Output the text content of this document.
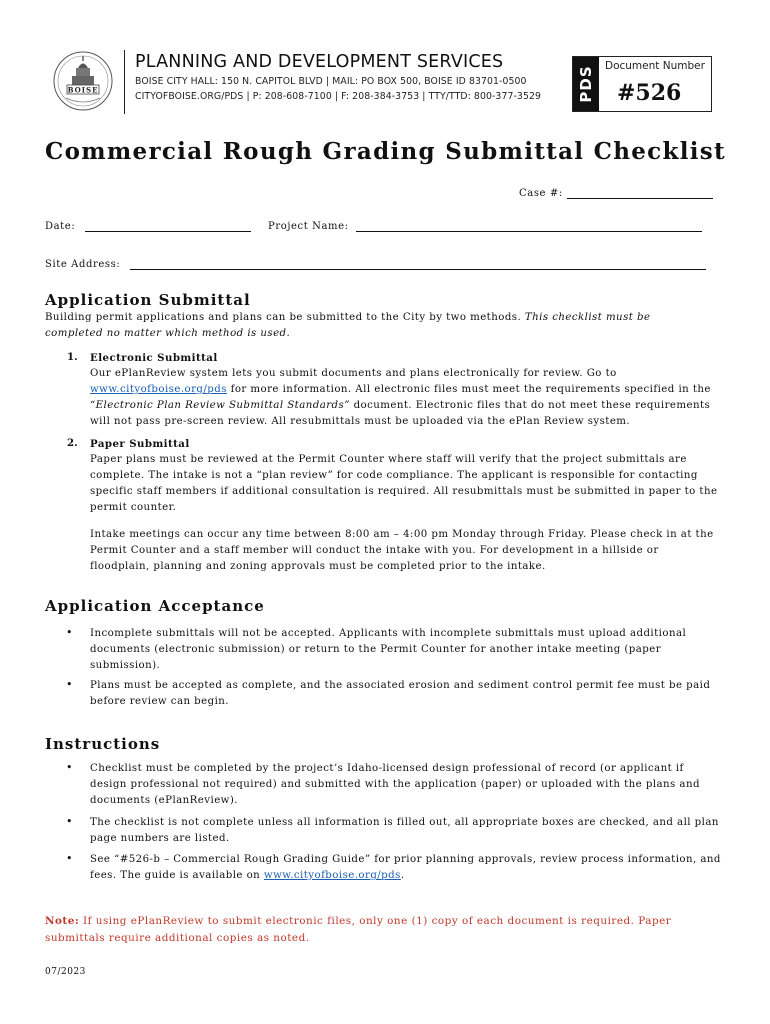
BOISE
PLANNING AND DEVELOPMENT SERVICES
BOISE CITY HALL: 150 N. CAPITOL BLVD | MAIL: PO BOX 500, BOISE ID 83701-0500
CITYOFBOISE.ORG/PDS | P: 208-608-7100 | F: 208-384-3753 | TTY/TTD: 800-377-3529 PDS Document Number
#526
Commercial Rough Grading Submittal Checklist
Case #:
Date:	Project Name:
Site Address:
Application Submittal
Building permit applications and plans can be submitted to the City by two methods. This checklist must be completed no matter which method is used.
1. Electronic Submittal
Our ePlanReview system lets you submit documents and plans electronically for review. Go to www.cityofboise.org/pds for more information. All electronic files must meet the requirements specified in the “Electronic Plan Review Submittal Standards” document. Electronic files that do not meet these requirements will not pass pre-screen review. All resubmittals must be uploaded via the ePlan Review system.
2. Paper Submittal
Paper plans must be reviewed at the Permit Counter where staff will verify that the project submittals are complete. The intake is not a “plan review” for code compliance. The applicant is responsible for contacting specific staff members if additional consultation is required. All resubmittals must be submitted in paper to the permit counter.
Intake meetings can occur any time between 8:00 am – 4:00 pm Monday through Friday. Please check in at the Permit Counter and a staff member will conduct the intake with you. For development in a hillside or floodplain, planning and zoning approvals must be completed prior to the intake.
Application Acceptance
• Incomplete submittals will not be accepted. Applicants with incomplete submittals must upload additional documents (electronic submission) or return to the Permit Counter for another intake meeting (paper submission).
• Plans must be accepted as complete, and the associated erosion and sediment control permit fee must be paid before review can begin.
Instructions
• Checklist must be completed by the project’s Idaho-licensed design professional of record (or applicant if design professional not required) and submitted with the application (paper) or uploaded with the plans and documents (ePlanReview).
• The checklist is not complete unless all information is filled out, all appropriate boxes are checked, and all plan page numbers are listed.
• See “#526-b – Commercial Rough Grading Guide” for prior planning approvals, review process information, and fees. The guide is available on www.cityofboise.org/pds.
Note: If using ePlanReview to submit electronic files, only one (1) copy of each document is required. Paper submittals require additional copies as noted.
07/2023
